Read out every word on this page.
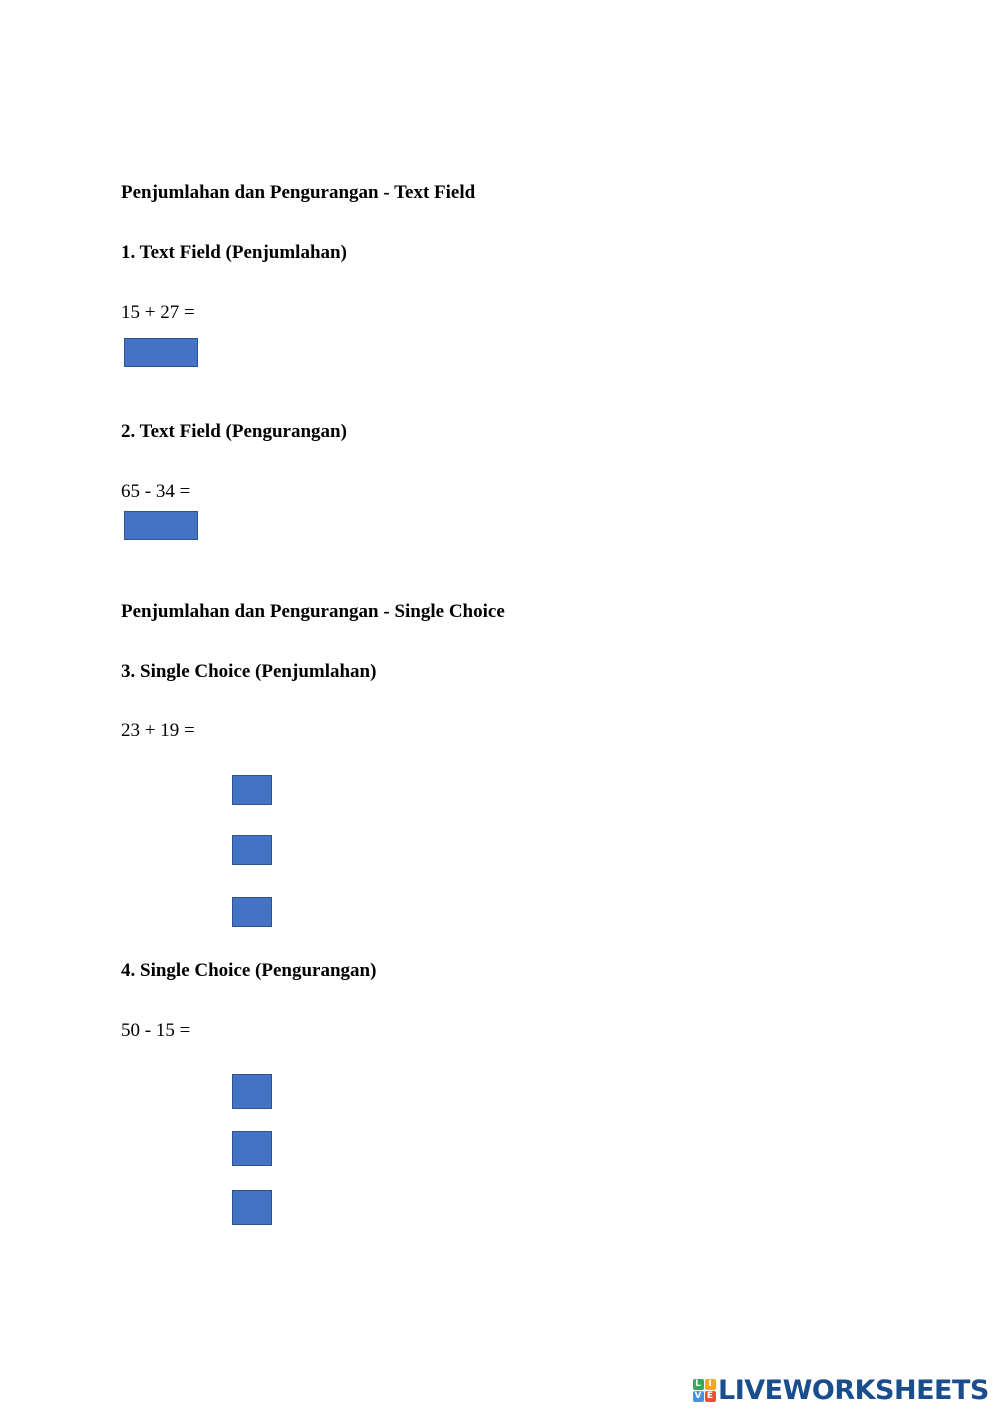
Penjumlahan dan Pengurangan - Text Field
1. Text Field (Penjumlahan)
15 + 27 =
2. Text Field (Pengurangan)
65 - 34 =
Penjumlahan dan Pengurangan - Single Choice
3. Single Choice (Penjumlahan)
23 + 19 =
4. Single Choice (Pengurangan)
50 - 15 =
L I
V E LIVEWORKSHEETS
